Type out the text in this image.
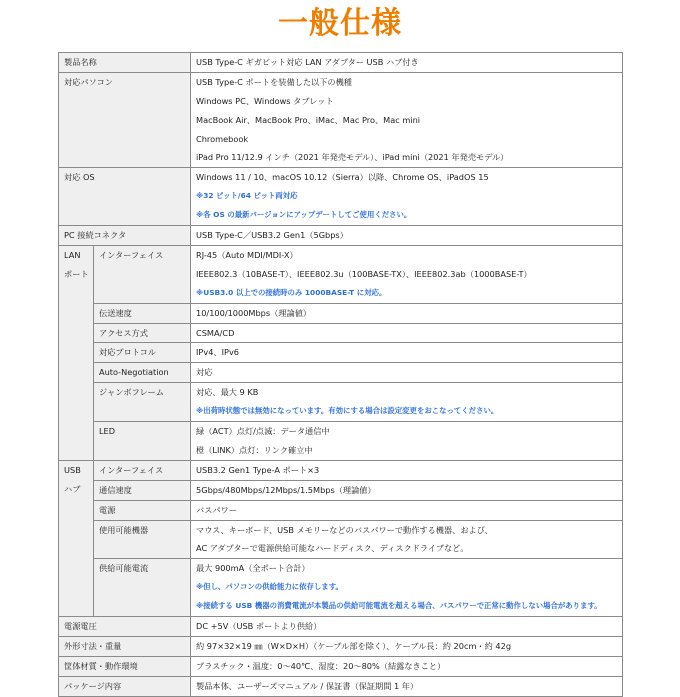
一般仕様
製品名称		USB Type-C ギガビット対応 LAN アダプター USB ハブ付き
対応パソコン		USB Type-C ポートを装備した以下の機種
Windows PC、Windows タブレット
MacBook Air、MacBook Pro、iMac、Mac Pro、Mac mini
Chromebook
iPad Pro 11/12.9 インチ（2021 年発売モデル）、iPad mini（2021 年発売モデル）

対応 OS		Windows 11 / 10、macOS 10.12（Sierra）以降、Chrome OS、iPadOS 15
※32 ビット/64 ビット両対応
※各 OS の最新バージョンにアップデートしてご使用ください。

PC 接続コネクタ		USB Type-C／USB3.2 Gen1（5Gbps）

LAN
ポート	インターフェイス	RJ-45（Auto MDI/MDI-X）
IEEE802.3（10BASE-T）、IEEE802.3u（100BASE-TX）、IEEE802.3ab（1000BASE-T）
※USB3.0 以上での接続時のみ 1000BASE-T に対応。

	伝送速度	10/100/1000Mbps（理論値）
	アクセス方式	CSMA/CD
	対応プロトコル	IPv4、IPv6
	Auto-Negotiation	対応
	ジャンボフレーム	対応、最大 9 KB
※出荷時状態では無効になっています。有効にする場合は設定変更をおこなってください。

	LED	緑（ACT）点灯/点滅：データ通信中
橙（LINK）点灯：リンク確立中

USB
ハブ	インターフェイス	USB3.2 Gen1 Type-A ポート×3
	通信速度	5Gbps/480Mbps/12Mbps/1.5Mbps（理論値）
	電源	バスパワー
	使用可能機器	マウス、キーボード、USB メモリーなどのバスパワーで動作する機器、および、
AC アダプターで電源供給可能なハードディスク、ディスクドライブなど。

	供給可能電流	最大 900mA（全ポート合計）
※但し、パソコンの供給能力に依存します。
※接続する USB 機器の消費電流が本製品の供給可能電流を超える場合、バスパワーで正常に動作しない場合があります。

電源電圧		DC +5V（USB ポートより供給）
外形寸法・重量		約 97×32×19 ㎜（W×D×H）（ケーブル部を除く）、ケーブル長：約 20cm・約 42g
筐体材質・動作環境		プラスチック・温度：0～40℃、湿度：20～80%（結露なきこと）
パッケージ内容		製品本体、ユーザーズマニュアル / 保証書（保証期間 1 年）
